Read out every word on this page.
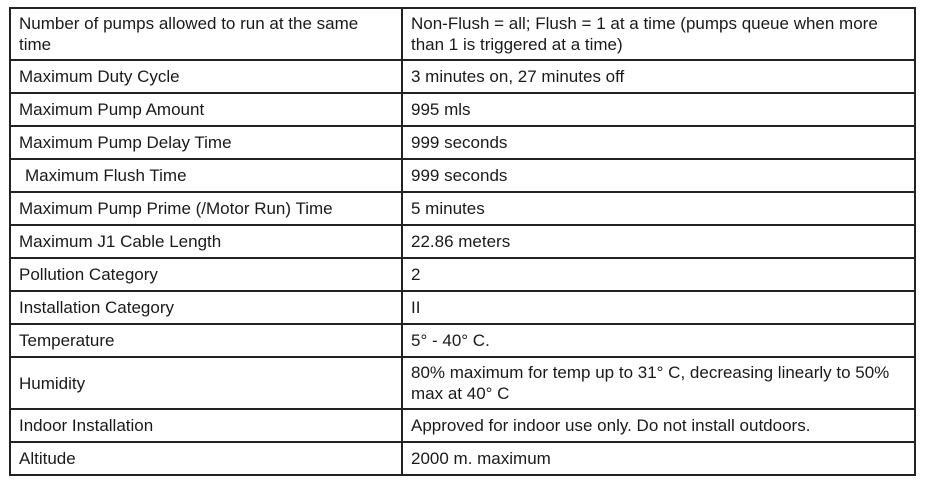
Number of pumps allowed to run at the same time	Non-Flush = all; Flush = 1 at a time (pumps queue when more than 1 is triggered at a time)
Maximum Duty Cycle	3 minutes on, 27 minutes off
Maximum Pump Amount	995 mls
Maximum Pump Delay Time	999 seconds
Maximum Flush Time	999 seconds
Maximum Pump Prime (/Motor Run) Time	5 minutes
Maximum J1 Cable Length	22.86 meters
Pollution Category	2
Installation Category	II
Temperature	5° - 40° C.
Humidity	80% maximum for temp up to 31° C, decreasing linearly to 50% max at 40° C
Indoor Installation	Approved for indoor use only. Do not install outdoors.
Altitude	2000 m. maximum
